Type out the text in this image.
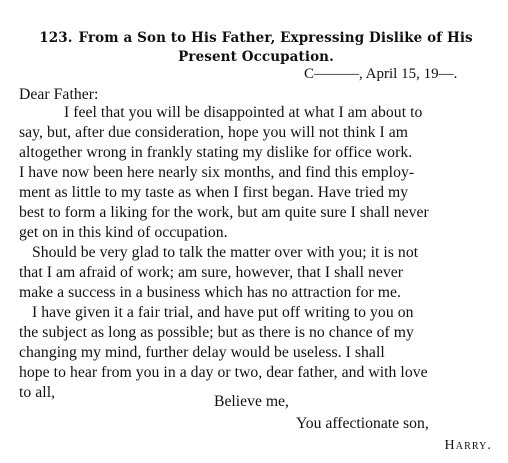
123. From a Son to His Father, Expressing Dislike of His
Present Occupation.
C———, April 15, 19—.
Dear Father:
I feel that you will be disappointed at what I am about to
say, but, after due consideration, hope you will not think I am
altogether wrong in frankly stating my dislike for office work.
I have now been here nearly six months, and find this employ-
ment as little to my taste as when I first began. Have tried my
best to form a liking for the work, but am quite sure I shall never
get on in this kind of occupation.
Should be very glad to talk the matter over with you; it is not
that I am afraid of work; am sure, however, that I shall never
make a success in a business which has no attraction for me.
I have given it a fair trial, and have put off writing to you on
the subject as long as possible; but as there is no chance of my
changing my mind, further delay would be useless. I shall
hope to hear from you in a day or two, dear father, and with love
to all,
Believe me,
You affectionate son,
Harry.
